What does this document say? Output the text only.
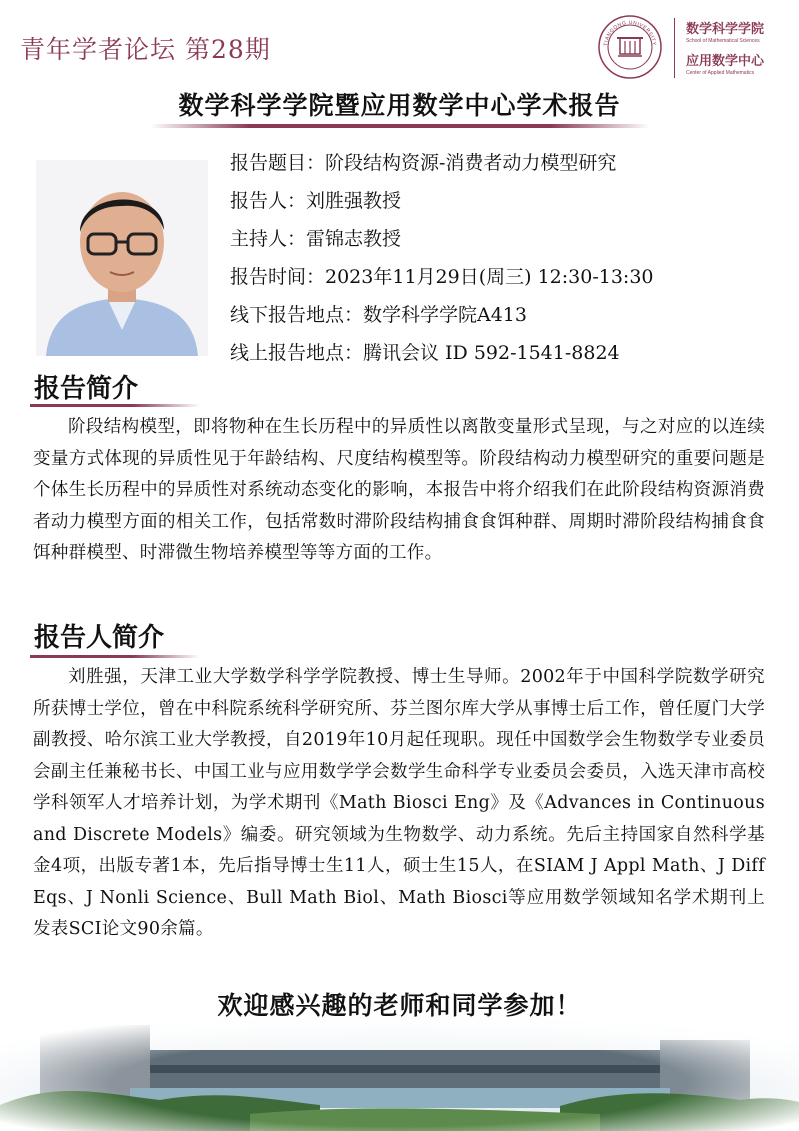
青年学者论坛 第28期	TIANGONG UNIVERSITY
数学科学学院
School of Mathematical Sciences
应用数学中心
Center of Applied Mathematics
数学科学学院暨应用数学中心学术报告
报告题目：阶段结构资源-消费者动力模型研究
报告人：刘胜强教授
主持人：雷锦志教授
报告时间：2023年11月29日(周三) 12:30-13:30
线下报告地点：数学科学学院A413
线上报告地点：腾讯会议 ID 592-1541-8824
报告简介
阶段结构模型，即将物种在生长历程中的异质性以离散变量形式呈现，与之对应的以连续变量方式体现的异质性见于年龄结构、尺度结构模型等。阶段结构动力模型研究的重要问题是个体生长历程中的异质性对系统动态变化的影响，本报告中将介绍我们在此阶段结构资源消费者动力模型方面的相关工作，包括常数时滞阶段结构捕食食饵种群、周期时滞阶段结构捕食食饵种群模型、时滞微生物培养模型等等方面的工作。
报告人简介
刘胜强，天津工业大学数学科学学院教授、博士生导师。2002年于中国科学院数学研究所获博士学位，曾在中科院系统科学研究所、芬兰图尔库大学从事博士后工作，曾任厦门大学副教授、哈尔滨工业大学教授，自2019年10月起任现职。现任中国数学会生物数学专业委员会副主任兼秘书长、中国工业与应用数学学会数学生命科学专业委员会委员，入选天津市高校学科领军人才培养计划，为学术期刊《Math Biosci Eng》及《Advances in Continuous and Discrete Models》编委。研究领域为生物数学、动力系统。先后主持国家自然科学基金4项，出版专著1本，先后指导博士生11人，硕士生15人，在SIAM J Appl Math、J Diff Eqs、J Nonli Science、Bull Math Biol、Math Biosci等应用数学领域知名学术期刊上发表SCI论文90余篇。
欢迎感兴趣的老师和同学参加！
